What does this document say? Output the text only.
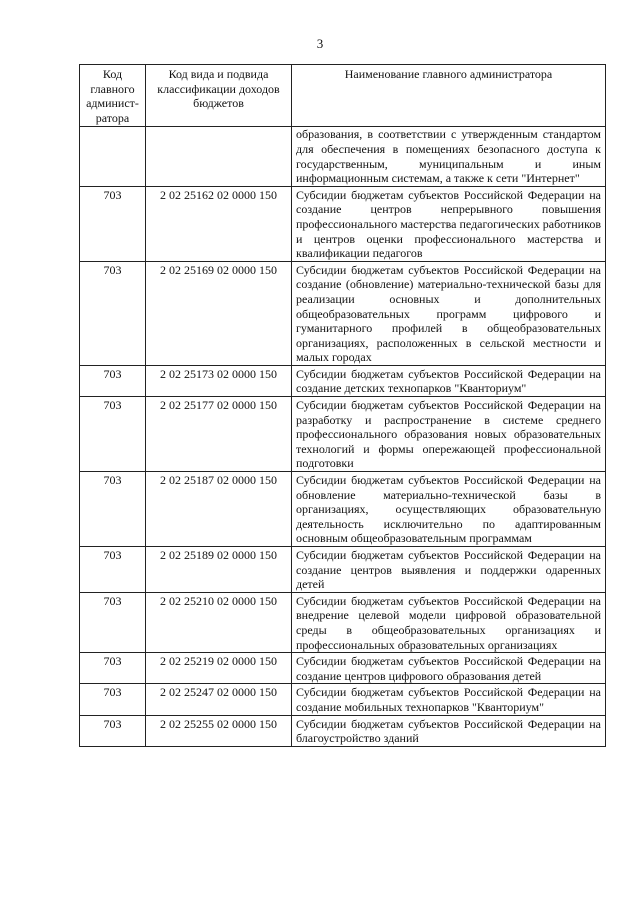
3
Код главного админист-ратора	Код вида и подвида классификации доходов бюджетов	Наименование главного администратора
		образования, в соответствии с утвержденным стандартом для обеспечения в помещениях безопасного доступа к государственным, муниципальным и иным информационным системам, а также к сети "Интернет"
703	2 02 25162 02 0000 150	Субсидии бюджетам субъектов Российской Федерации на создание центров непрерывного повышения профессионального мастерства педагогических работников и центров оценки профессионального мастерства и квалификации педагогов
703	2 02 25169 02 0000 150	Субсидии бюджетам субъектов Российской Федерации на создание (обновление) материально-технической базы для реализации основных и дополнительных общеобразовательных программ цифрового и гуманитарного профилей в общеобразовательных организациях, расположенных в сельской местности и малых городах
703	2 02 25173 02 0000 150	Субсидии бюджетам субъектов Российской Федерации на создание детских технопарков "Кванториум"
703	2 02 25177 02 0000 150	Субсидии бюджетам субъектов Российской Федерации на разработку и распространение в системе среднего профессионального образования новых образовательных технологий и формы опережающей профессиональной подготовки
703	2 02 25187 02 0000 150	Субсидии бюджетам субъектов Российской Федерации на обновление материально-технической базы в организациях, осуществляющих образовательную деятельность исключительно по адаптированным основным общеобразовательным программам
703	2 02 25189 02 0000 150	Субсидии бюджетам субъектов Российской Федерации на создание центров выявления и поддержки одаренных детей
703	2 02 25210 02 0000 150	Субсидии бюджетам субъектов Российской Федерации на внедрение целевой модели цифровой образовательной среды в общеобразовательных организациях и профессиональных образовательных организациях
703	2 02 25219 02 0000 150	Субсидии бюджетам субъектов Российской Федерации на создание центров цифрового образования детей
703	2 02 25247 02 0000 150	Субсидии бюджетам субъектов Российской Федерации на создание мобильных технопарков "Кванториум"
703	2 02 25255 02 0000 150	Субсидии бюджетам субъектов Российской Федерации на благоустройство зданий
